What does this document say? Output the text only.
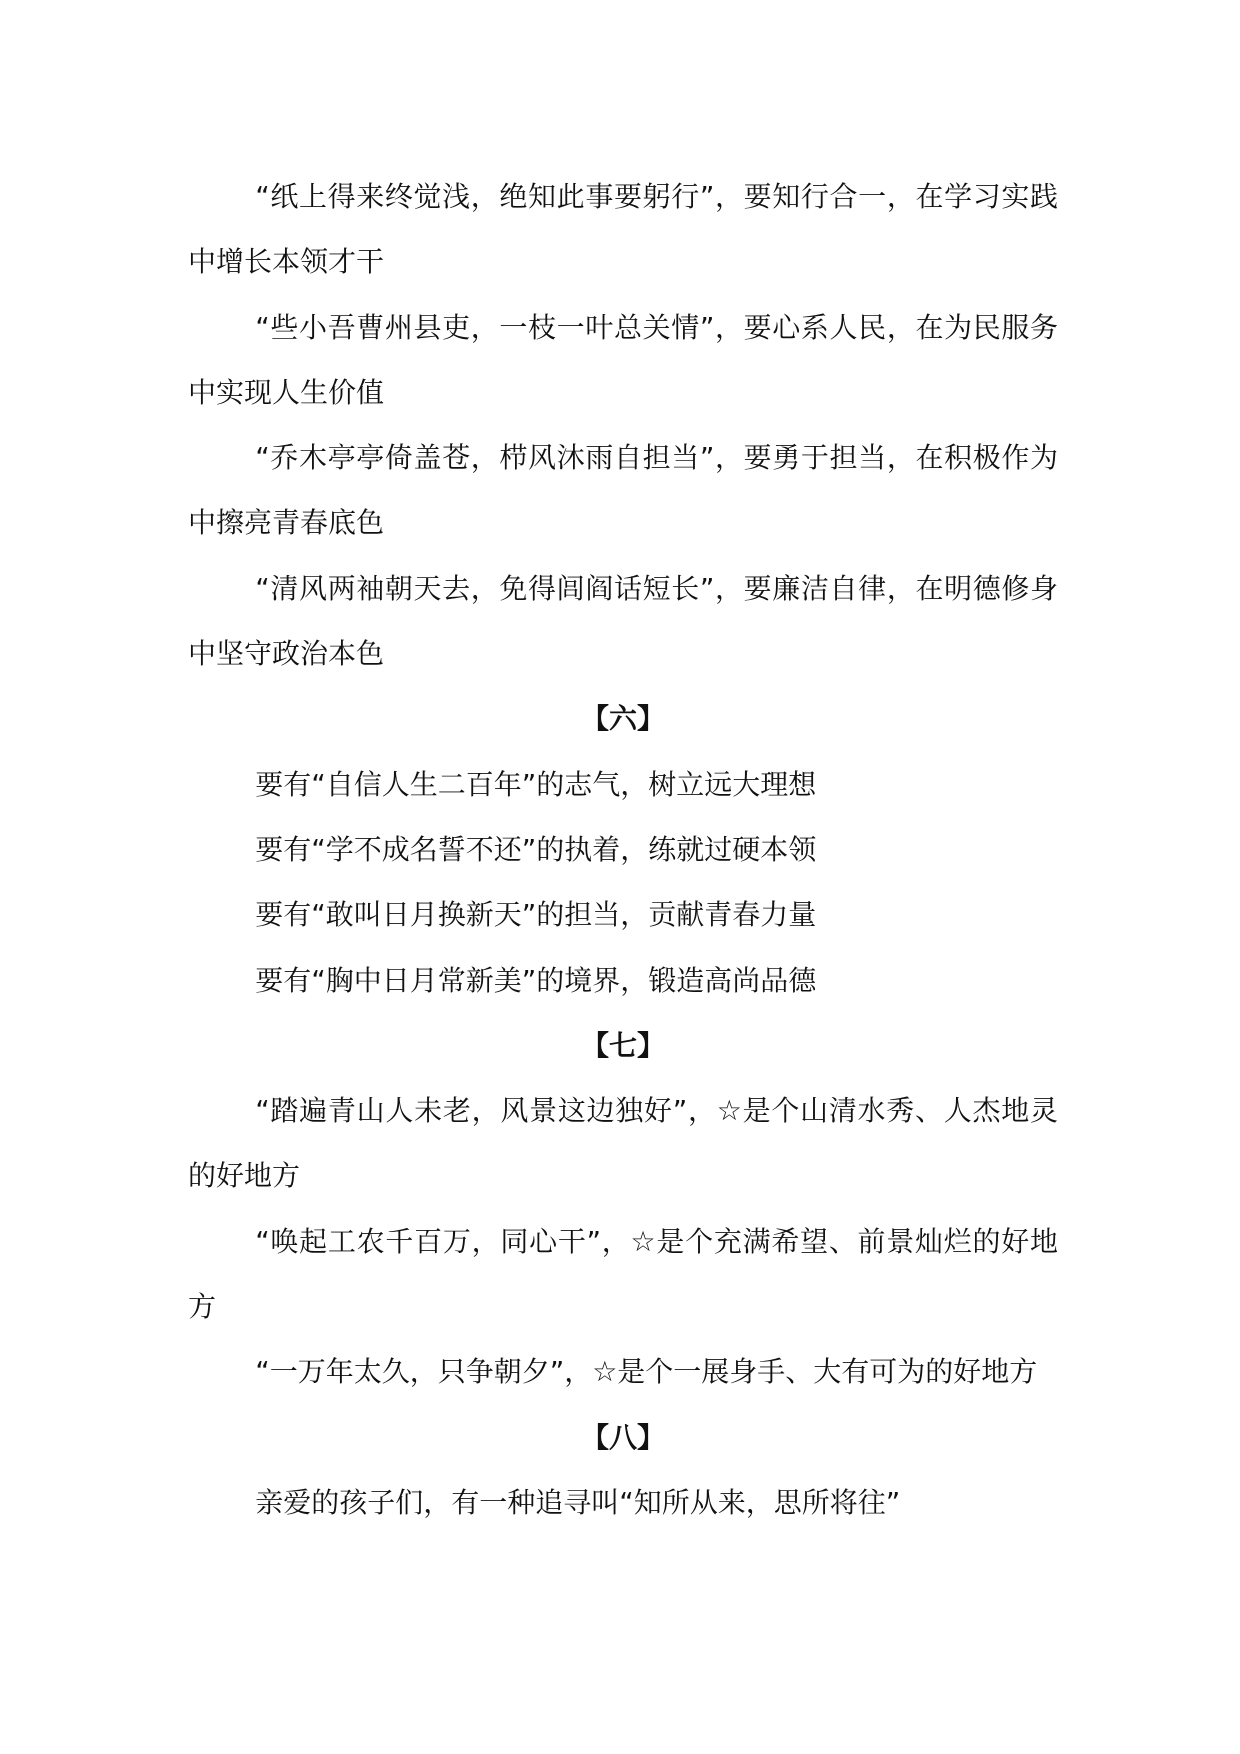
“纸上得来终觉浅，绝知此事要躬行”，要知行合一，在学习实践中增长本领才干

“些小吾曹州县吏，一枝一叶总关情”，要心系人民，在为民服务中实现人生价值

“乔木亭亭倚盖苍，栉风沐雨自担当”，要勇于担当，在积极作为中擦亮青春底色

“清风两袖朝天去，免得闾阎话短长”，要廉洁自律，在明德修身中坚守政治本色

【六】

要有“自信人生二百年”的志气，树立远大理想

要有“学不成名誓不还”的执着，练就过硬本领

要有“敢叫日月换新天”的担当，贡献青春力量

要有“胸中日月常新美”的境界，锻造高尚品德

【七】

“踏遍青山人未老，风景这边独好”，☆是个山清水秀、人杰地灵的好地方

“唤起工农千百万，同心干”，☆是个充满希望、前景灿烂的好地方

“一万年太久，只争朝夕”，☆是个一展身手、大有可为的好地方

【八】

亲爱的孩子们，有一种追寻叫“知所从来，思所将往”
